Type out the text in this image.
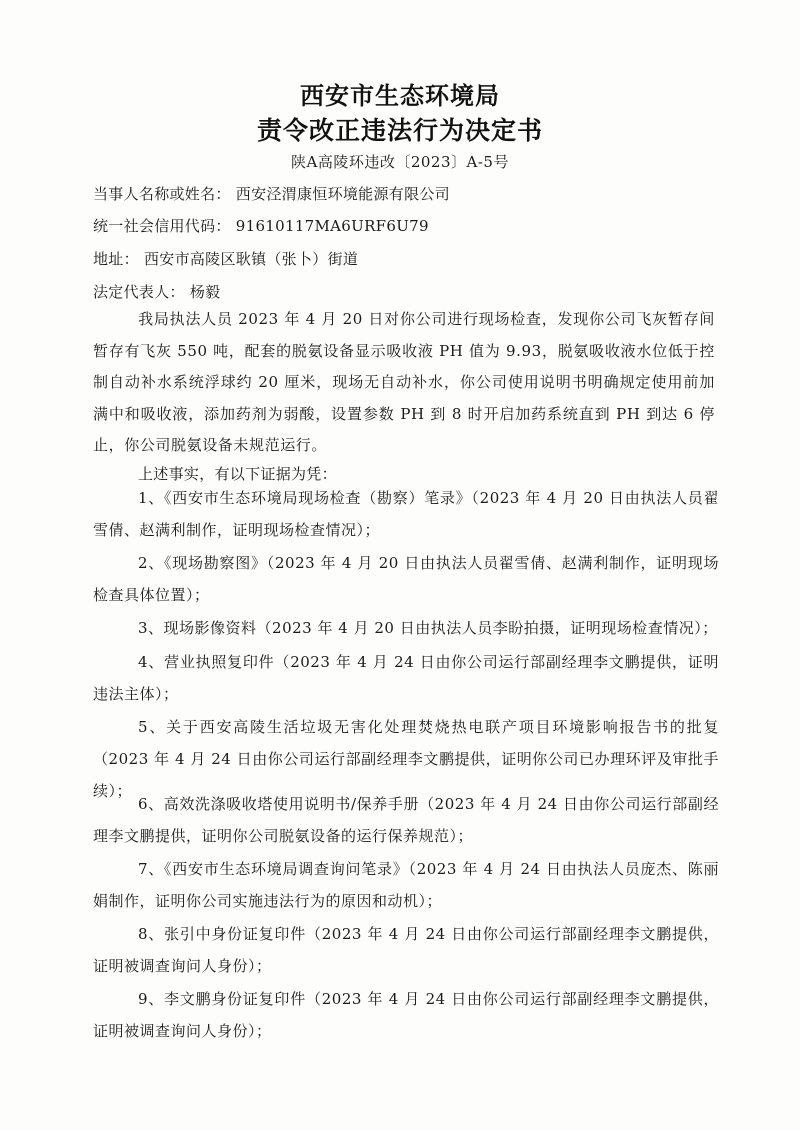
西安市生态环境局
责令改正违法行为决定书
陕A高陵环违改〔2023〕A-5号
当事人名称或姓名： 西安泾渭康恒环境能源有限公司
统一社会信用代码： 91610117MA6URF6U79
地址： 西安市高陵区耿镇（张卜）街道
法定代表人： 杨毅
我局执法人员 2023 年 4 月 20 日对你公司进行现场检查，发现你公司飞灰暂存间暂存有飞灰 550 吨，配套的脱氨设备显示吸收液 PH 值为 9.93，脱氨吸收液水位低于控制自动补水系统浮球约 20 厘米，现场无自动补水，你公司使用说明书明确规定使用前加满中和吸收液，添加药剂为弱酸，设置参数 PH 到 8 时开启加药系统直到 PH 到达 6 停止，你公司脱氨设备未规范运行。
上述事实，有以下证据为凭：
1、《西安市生态环境局现场检查（勘察）笔录》（2023 年 4 月 20 日由执法人员翟雪倩、赵满利制作，证明现场检查情况）；
2、《现场勘察图》（2023 年 4 月 20 日由执法人员翟雪倩、赵满利制作，证明现场检查具体位置）；
3、现场影像资料（2023 年 4 月 20 日由执法人员李盼拍摄，证明现场检查情况）；
4、营业执照复印件（2023 年 4 月 24 日由你公司运行部副经理李文鹏提供，证明违法主体）；
5、关于西安高陵生活垃圾无害化处理焚烧热电联产项目环境影响报告书的批复（2023 年 4 月 24 日由你公司运行部副经理李文鹏提供，证明你公司已办理环评及审批手续）；
6、高效洗涤吸收塔使用说明书/保养手册（2023 年 4 月 24 日由你公司运行部副经理李文鹏提供，证明你公司脱氨设备的运行保养规范）；
7、《西安市生态环境局调查询问笔录》（2023 年 4 月 24 日由执法人员庞杰、陈丽娟制作，证明你公司实施违法行为的原因和动机）；
8、张引中身份证复印件（2023 年 4 月 24 日由你公司运行部副经理李文鹏提供，证明被调查询问人身份）；
9、李文鹏身份证复印件（2023 年 4 月 24 日由你公司运行部副经理李文鹏提供，证明被调查询问人身份）；
